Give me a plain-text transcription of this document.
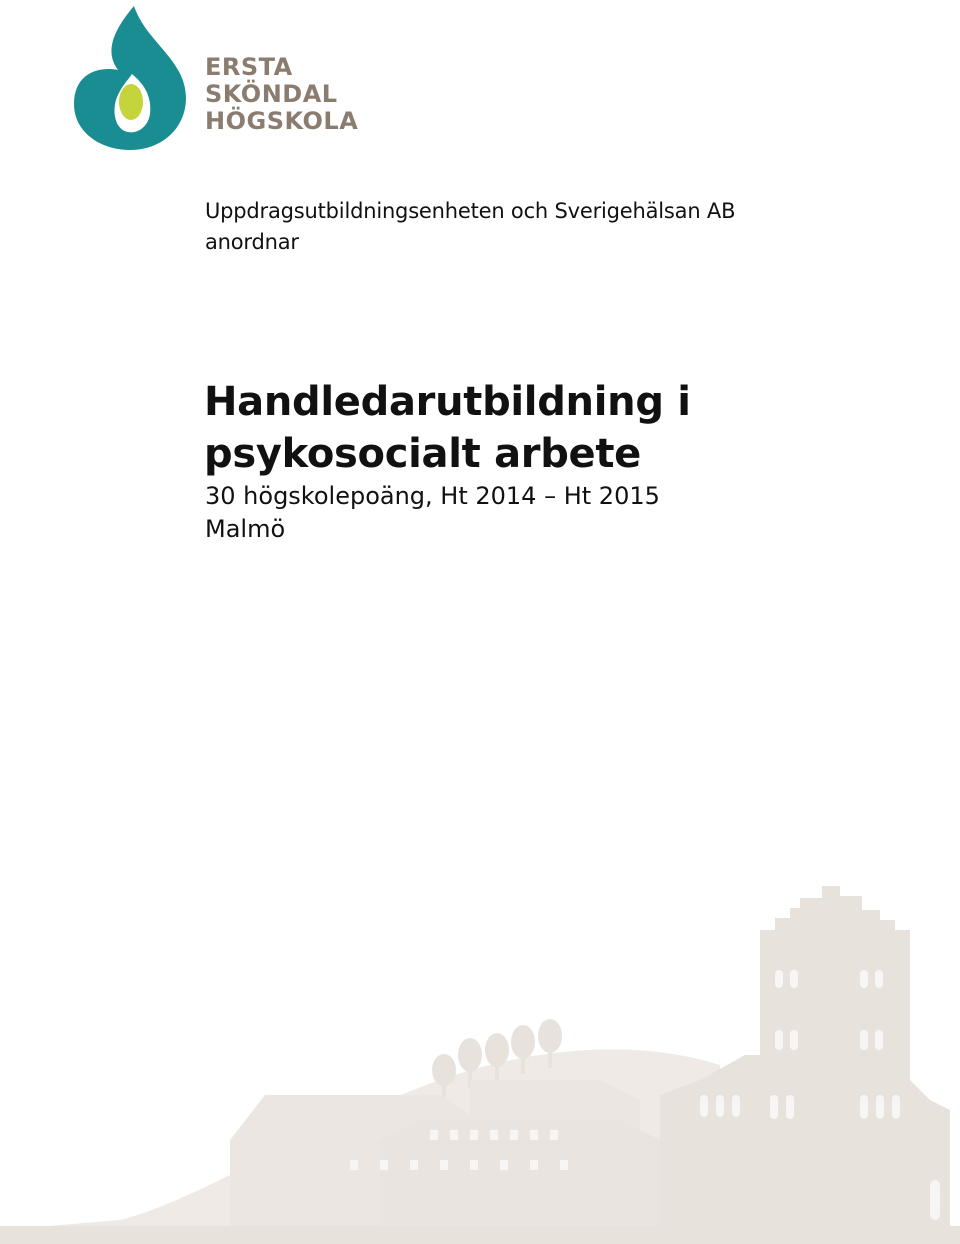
ERSTA
SKÖNDAL
HÖGSKOLA
Uppdragsutbildningsenheten och Sverigehälsan AB
anordnar
Handledarutbildning i
psykosocialt arbete
30 högskolepoäng, Ht 2014 – Ht 2015
Malmö
